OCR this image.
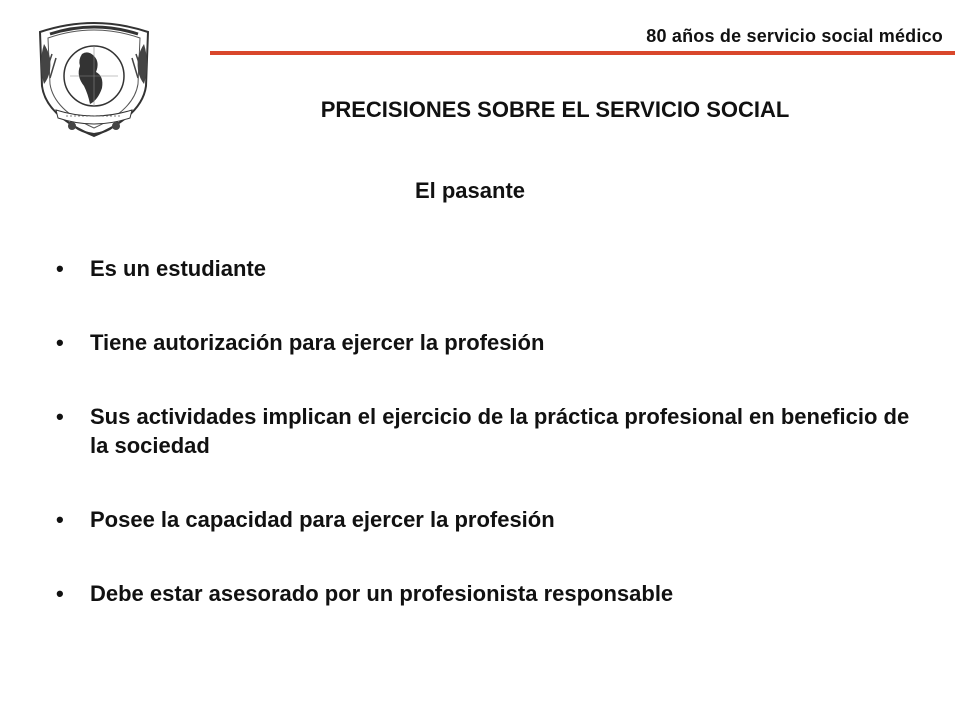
80 años de servicio social médico
PRECISIONES SOBRE EL SERVICIO SOCIAL
El pasante
• Es un estudiante
• Tiene autorización para ejercer la profesión
• Sus actividades implican el ejercicio de la práctica profesional en beneficio de la sociedad
• Posee la capacidad para ejercer la profesión
• Debe estar asesorado por un profesionista responsable
